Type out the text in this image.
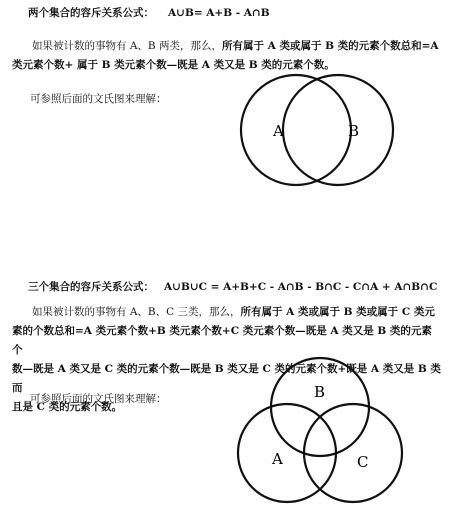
两个集合的容斥关系公式： A∪B= A+B - A∩B
如果被计数的事物有 A、B 两类，那么，所有属于 A 类或属于 B 类的元素个数总和=A
类元素个数+ 属于 B 类元素个数—既是 A 类又是 B 类的元素个数。
可参照后面的文氏图来理解：
三个集合的容斥关系公式： A∪B∪C = A+B+C - A∩B - B∩C - C∩A + A∩B∩C
如果被计数的事物有 A、B、C 三类，那么，所有属于 A 类或属于 B 类或属于 C 类元
素的个数总和=A 类元素个数+B 类元素个数+C 类元素个数—既是 A 类又是 B 类的元素个
数—既是 A 类又是 C 类的元素个数—既是 B 类又是 C 类的元素个数+既是 A 类又是 B 类而
且是 C 类的元素个数。
可参照后面的文氏图来理解：
A	B
B
A	C
